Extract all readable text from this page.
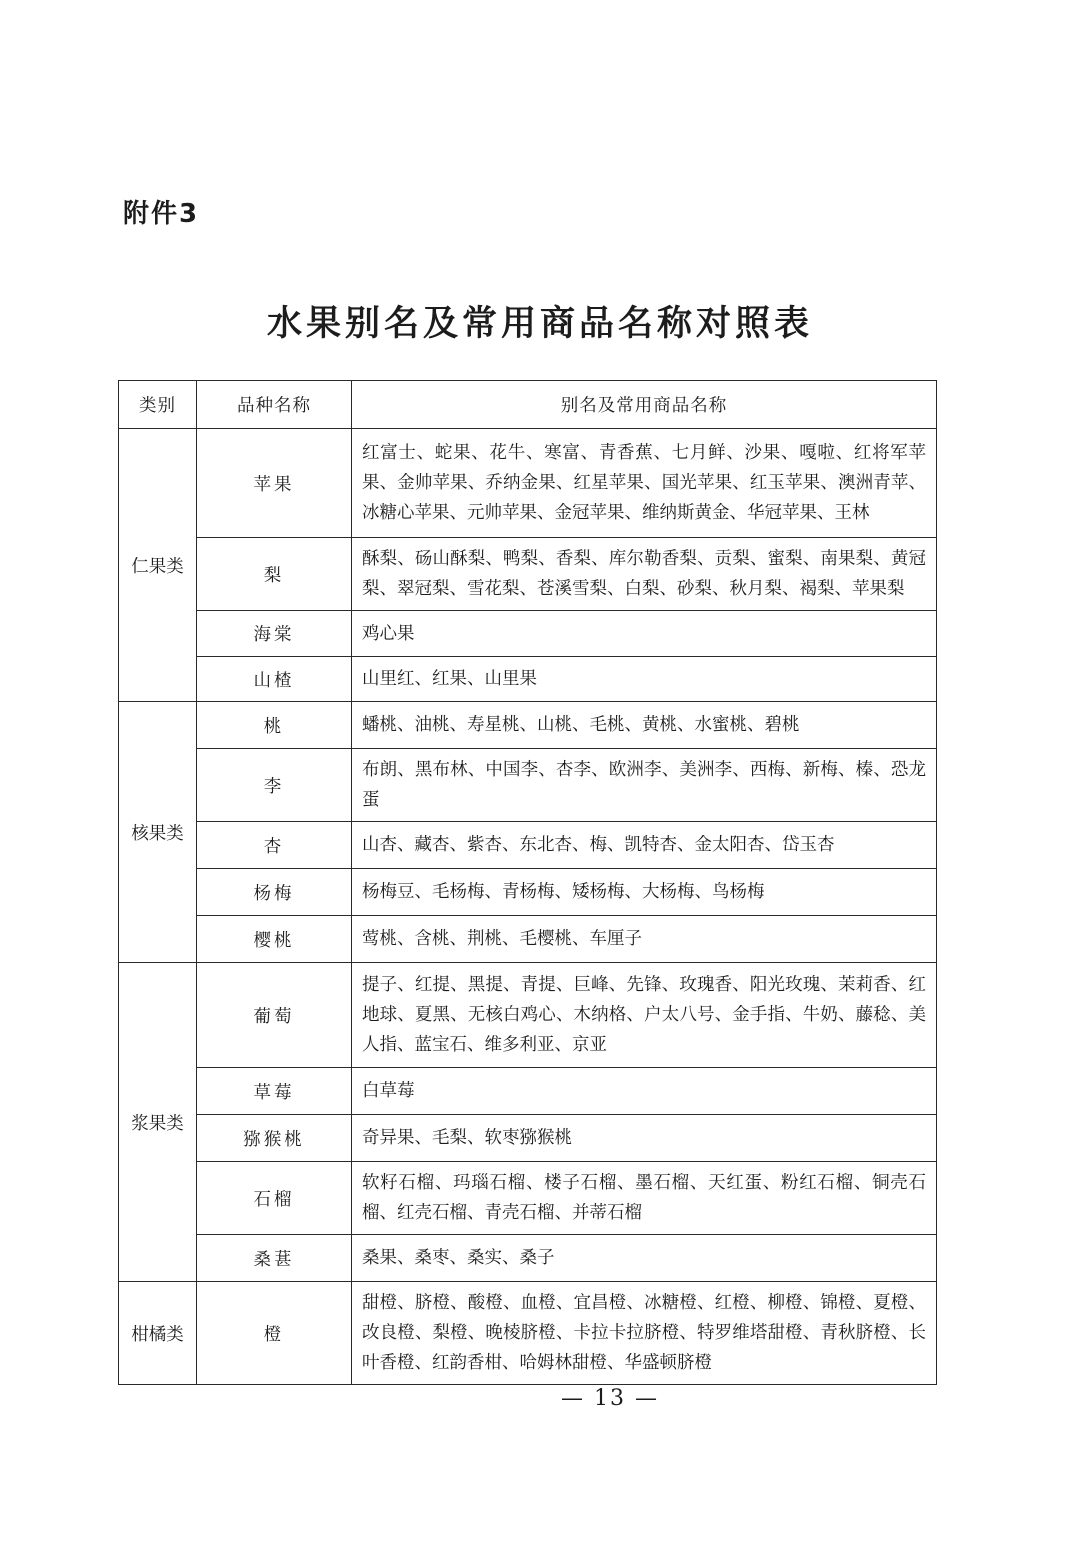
附件3
水果别名及常用商品名称对照表
类别	品种名称	别名及常用商品名称
仁果类	苹果	红富士、蛇果、花牛、寒富、青香蕉、七月鲜、沙果、嘎啦、红将军苹果、金帅苹果、乔纳金果、红星苹果、国光苹果、红玉苹果、澳洲青苹、冰糖心苹果、元帅苹果、金冠苹果、维纳斯黄金、华冠苹果、王林
	梨	酥梨、砀山酥梨、鸭梨、香梨、库尔勒香梨、贡梨、蜜梨、南果梨、黄冠梨、翠冠梨、雪花梨、苍溪雪梨、白梨、砂梨、秋月梨、褐梨、苹果梨
	海棠	鸡心果
	山楂	山里红、红果、山里果
核果类	桃	蟠桃、油桃、寿星桃、山桃、毛桃、黄桃、水蜜桃、碧桃
	李	布朗、黑布林、中国李、杏李、欧洲李、美洲李、西梅、新梅、榛、恐龙蛋
	杏	山杏、藏杏、紫杏、东北杏、梅、凯特杏、金太阳杏、岱玉杏
	杨梅	杨梅豆、毛杨梅、青杨梅、矮杨梅、大杨梅、鸟杨梅
	樱桃	莺桃、含桃、荆桃、毛樱桃、车厘子
浆果类	葡萄	提子、红提、黑提、青提、巨峰、先锋、玫瑰香、阳光玫瑰、茉莉香、红地球、夏黑、无核白鸡心、木纳格、户太八号、金手指、牛奶、藤稔、美人指、蓝宝石、维多利亚、京亚
	草莓	白草莓
	猕猴桃	奇异果、毛梨、软枣猕猴桃
	石榴	软籽石榴、玛瑙石榴、楼子石榴、墨石榴、天红蛋、粉红石榴、铜壳石榴、红壳石榴、青壳石榴、并蒂石榴
	桑葚	桑果、桑枣、桑实、桑子
柑橘类	橙	甜橙、脐橙、酸橙、血橙、宜昌橙、冰糖橙、红橙、柳橙、锦橙、夏橙、改良橙、梨橙、晚棱脐橙、卡拉卡拉脐橙、特罗维塔甜橙、青秋脐橙、长叶香橙、红韵香柑、哈姆林甜橙、华盛顿脐橙
— 13 —
